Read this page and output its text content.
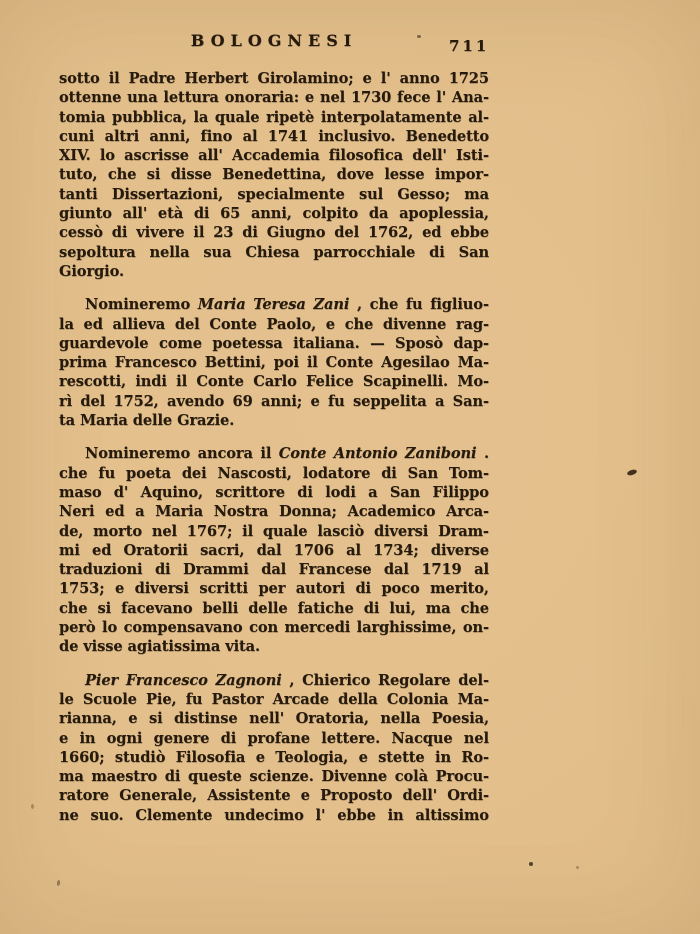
BOLOGNESI	711
sotto il Padre Herbert Girolamino; e l' anno 1725
ottenne una lettura onoraria: e nel 1730 fece l' Ana-
tomia pubblica, la quale ripetè interpolatamente al-
cuni altri anni, fino al 1741 inclusivo. Benedetto
XIV. lo ascrisse all' Accademia filosofica dell' Isti-
tuto, che si disse Benedettina, dove lesse impor-
tanti Dissertazioni, specialmente sul Gesso; ma
giunto all' età di 65 anni, colpito da apoplessia,
cessò di vivere il 23 di Giugno del 1762, ed ebbe
sepoltura nella sua Chiesa parrocchiale di San
Giorgio.
Nomineremo Maria Teresa Zani , che fu figliuo-
la ed allieva del Conte Paolo, e che divenne rag-
guardevole come poetessa italiana. — Sposò dap-
prima Francesco Bettini, poi il Conte Agesilao Ma-
rescotti, indi il Conte Carlo Felice Scapinelli. Mo-
rì del 1752, avendo 69 anni; e fu seppelita a San-
ta Maria delle Grazie.
Nomineremo ancora il Conte Antonio Zaniboni .
che fu poeta dei Nascosti, lodatore di San Tom-
maso d' Aquino, scrittore di lodi a San Filippo
Neri ed a Maria Nostra Donna; Academico Arca-
de, morto nel 1767; il quale lasciò diversi Dram-
mi ed Oratorii sacri, dal 1706 al 1734; diverse
traduzioni di Drammi dal Francese dal 1719 al
1753; e diversi scritti per autori di poco merito,
che si facevano belli delle fatiche di lui, ma che
però lo compensavano con mercedi larghissime, on-
de visse agiatissima vita.
Pier Francesco Zagnoni , Chierico Regolare del-
le Scuole Pie, fu Pastor Arcade della Colonia Ma-
rianna, e si distinse nell' Oratoria, nella Poesia,
e in ogni genere di profane lettere. Nacque nel
1660; studiò Filosofia e Teologia, e stette in Ro-
ma maestro di queste scienze. Divenne colà Procu-
ratore Generale, Assistente e Proposto dell' Ordi-
ne suo. Clemente undecimo l' ebbe in altissimo
